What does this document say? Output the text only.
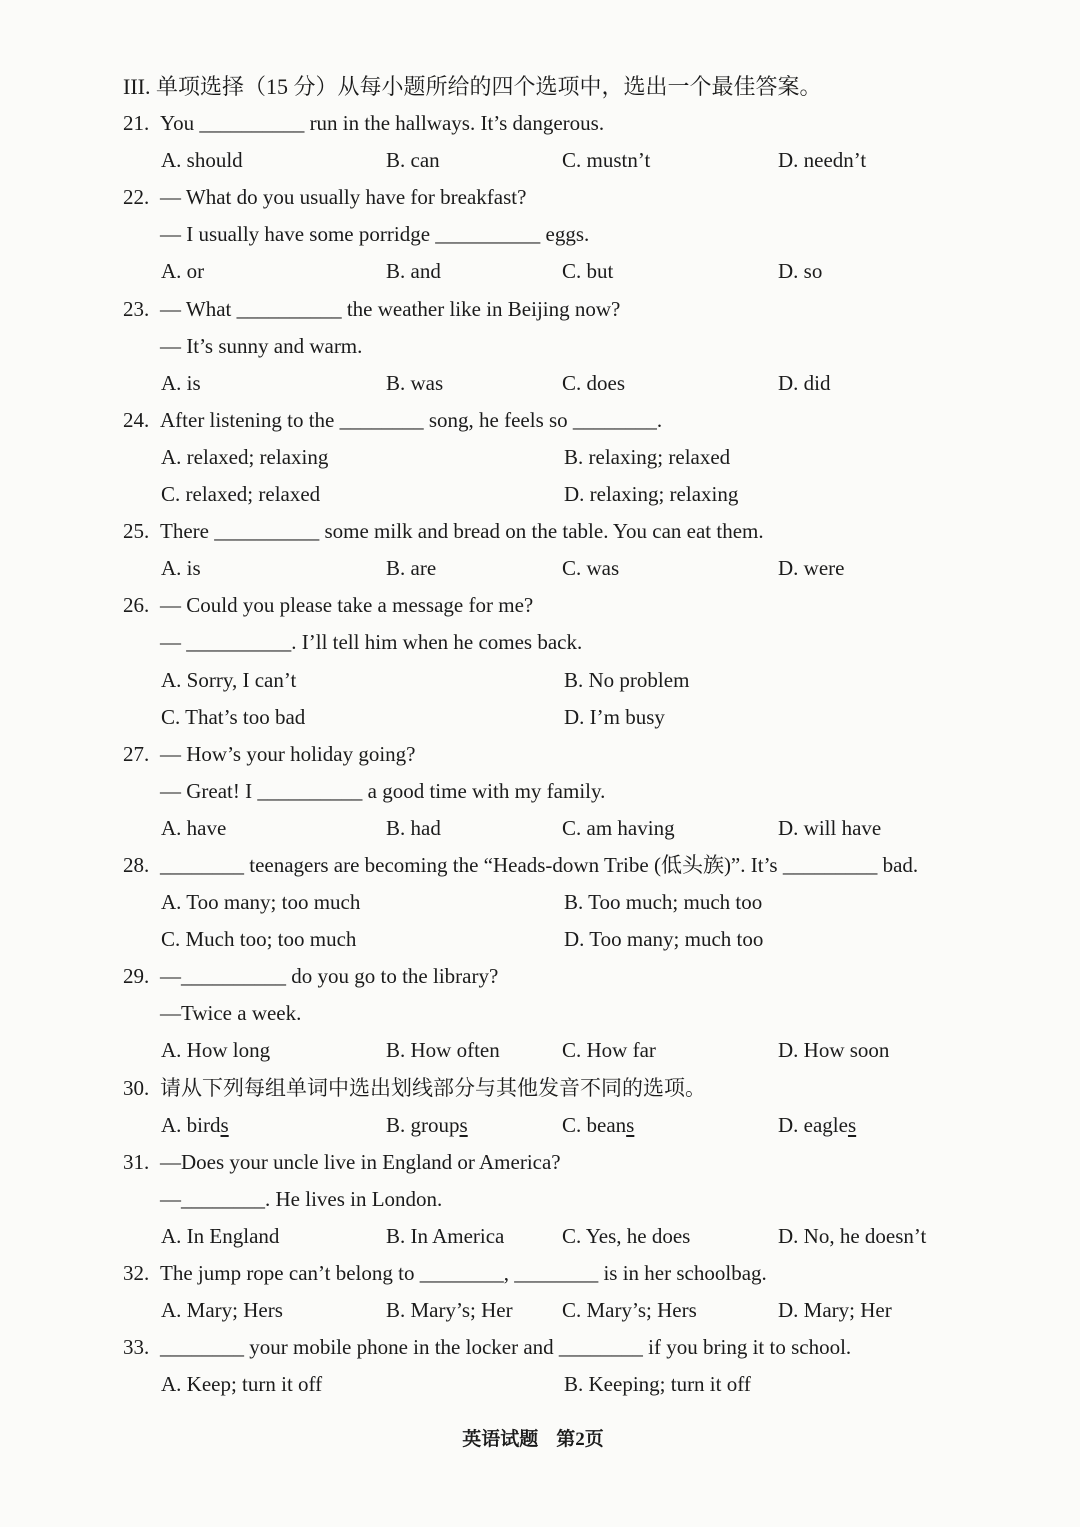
III. 单项选择（15 分）从每小题所给的四个选项中，选出一个最佳答案。
21. You __________ run in the hallways. It’s dangerous.
A. should	B. can	C. mustn’t	D. needn’t
22. — What do you usually have for breakfast?
— I usually have some porridge __________ eggs.
A. or	B. and	C. but	D. so
23. — What __________ the weather like in Beijing now?
— It’s sunny and warm.
A. is	B. was	C. does	D. did
24. After listening to the ________ song, he feels so ________.
A. relaxed; relaxing	B. relaxing; relaxed
C. relaxed; relaxed	D. relaxing; relaxing
25. There __________ some milk and bread on the table. You can eat them.
A. is	B. are	C. was	D. were
26. — Could you please take a message for me?
— __________. I’ll tell him when he comes back.
A. Sorry, I can’t	B. No problem
C. That’s too bad	D. I’m busy
27. — How’s your holiday going?
— Great! I __________ a good time with my family.
A. have	B. had	C. am having	D. will have
28. ________ teenagers are becoming the “Heads-down Tribe (低头族)”. It’s _________ bad.
A. Too many; too much	B. Too much; much too
C. Much too; too much	D. Too many; much too
29. —__________ do you go to the library?
—Twice a week.
A. How long	B. How often	C. How far	D. How soon
30. 请从下列每组单词中选出划线部分与其他发音不同的选项。
A. birds	B. groups	C. beans	D. eagles
31. —Does your uncle live in England or America?
—________. He lives in London.
A. In England	B. In America	C. Yes, he does	D. No, he doesn’t
32. The jump rope can’t belong to ________, ________ is in her schoolbag.
A. Mary; Hers	B. Mary’s; Her	C. Mary’s; Hers	D. Mary; Her
33. ________ your mobile phone in the locker and ________ if you bring it to school.
A. Keep; turn it off	B. Keeping; turn it off
英语试题 第2页
